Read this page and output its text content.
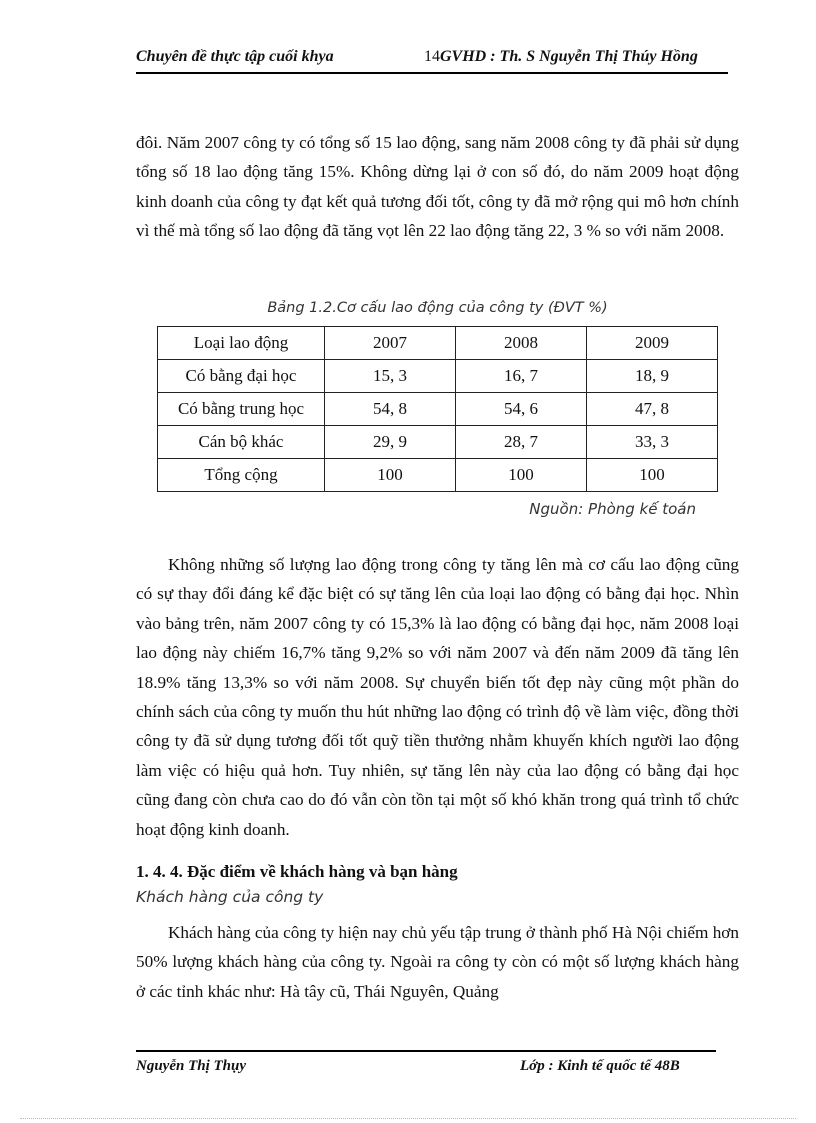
Chuyên đề thực tập cuối khya	14GVHD : Th. S Nguyễn Thị Thúy Hồng

đôi. Năm 2007 công ty có tổng số 15 lao động, sang năm 2008 công ty đã phải sử dụng tổng số 18 lao động tăng 15%. Không dừng lại ở con số đó, do năm 2009 hoạt động kinh doanh của công ty đạt kết quả tương đối tốt, công ty đã mở rộng qui mô hơn chính vì thế mà tổng số lao động đã tăng vọt lên 22 lao động tăng 22, 3 % so với năm 2008.

Bảng 1.2.Cơ cấu lao động của công ty (ĐVT %)
Loại lao động	2007	2008	2009
Có bằng đại học	15, 3	16, 7	18, 9
Có bằng trung học	54, 8	54, 6	47, 8
Cán bộ khác	29, 9	28, 7	33, 3
Tổng cộng	100	100	100
Nguồn: Phòng kế toán

Không những số lượng lao động trong công ty tăng lên mà cơ cấu lao động cũng có sự thay đổi đáng kể đặc biệt có sự tăng lên của loại lao động có bằng đại học. Nhìn vào bảng trên, năm 2007 công ty có 15,3% là lao động có bằng đại học, năm 2008 loại lao động này chiếm 16,7% tăng 9,2% so với năm 2007 và đến năm 2009 đã tăng lên 18.9% tăng 13,3% so với năm 2008. Sự chuyển biến tốt đẹp này cũng một phần do chính sách của công ty muốn thu hút những lao động có trình độ về làm việc, đồng thời công ty đã sử dụng tương đối tốt quỹ tiền thưởng nhằm khuyến khích người lao động làm việc có hiệu quả hơn. Tuy nhiên, sự tăng lên này của lao động có bằng đại học cũng đang còn chưa cao do đó vẫn còn tồn tại một số khó khăn trong quá trình tổ chức hoạt động kinh doanh.

1. 4. 4. Đặc điểm về khách hàng và bạn hàng
Khách hàng của công ty

Khách hàng của công ty hiện nay chủ yếu tập trung ở thành phố Hà Nội chiếm hơn 50% lượng khách hàng của công ty. Ngoài ra công ty còn có một số lượng khách hàng ở các tỉnh khác như: Hà tây cũ, Thái Nguyên, Quảng

Nguyễn Thị Thụy	Lớp : Kinh tế quốc tế 48B
